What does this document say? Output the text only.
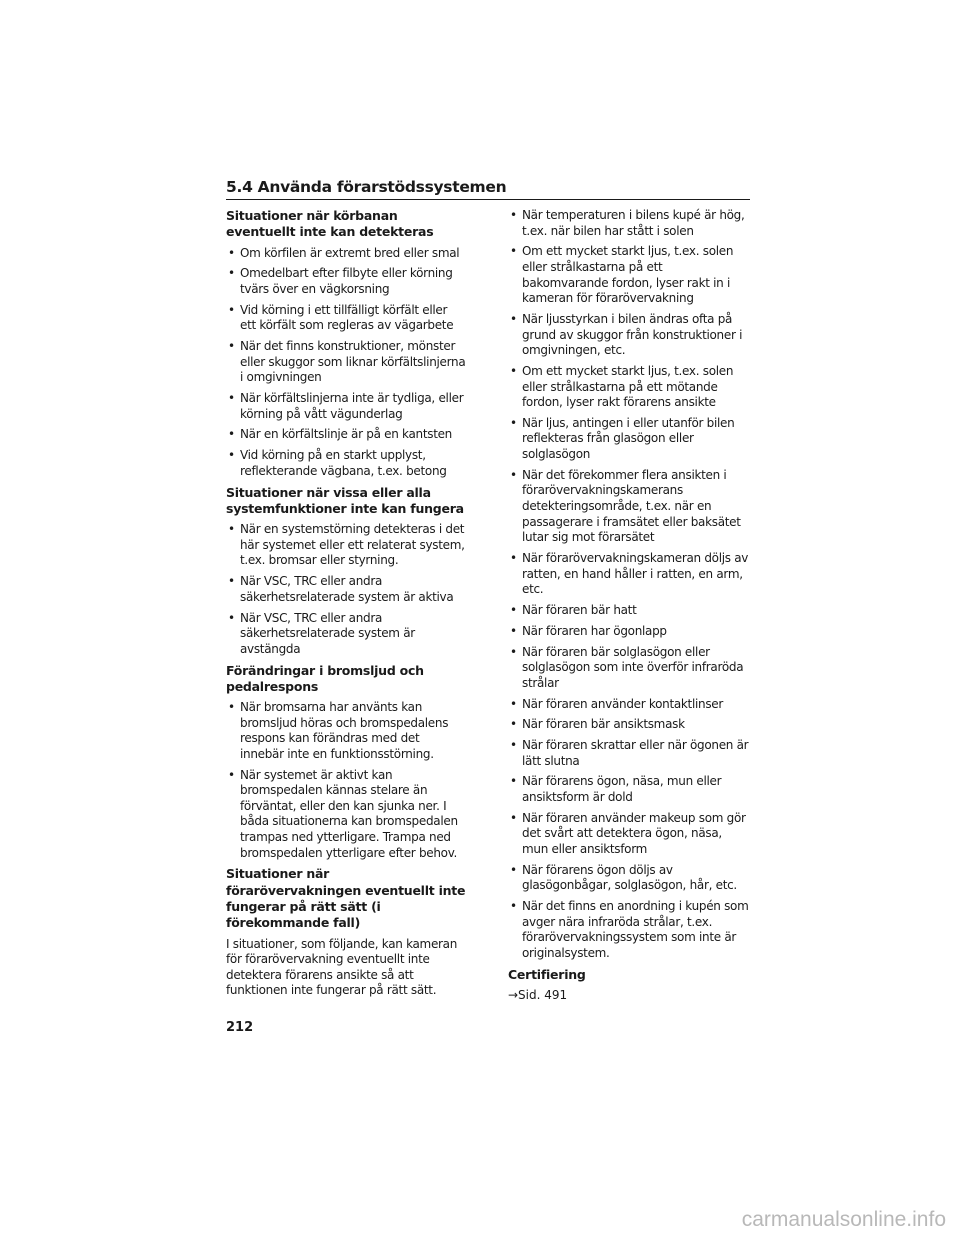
5.4 Använda förarstödssystemen
Situationer när körbanan eventuellt inte kan detekteras
• Om körfilen är extremt bred eller smal
• Omedelbart efter filbyte eller körning tvärs över en vägkorsning
• Vid körning i ett tillfälligt körfält eller ett körfält som regleras av vägarbete
• När det finns konstruktioner, mönster eller skuggor som liknar körfältslinjerna i omgivningen
• När körfältslinjerna inte är tydliga, eller körning på vått vägunderlag
• När en körfältslinje är på en kantsten
• Vid körning på en starkt upplyst, reflekterande vägbana, t.ex. betong
Situationer när vissa eller alla systemfunktioner inte kan fungera
• När en systemstörning detekteras i det här systemet eller ett relaterat system, t.ex. bromsar eller styrning.
• När VSC, TRC eller andra säkerhetsrelaterade system är aktiva
• När VSC, TRC eller andra säkerhetsrelaterade system är avstängda
Förändringar i bromsljud och pedalrespons
• När bromsarna har använts kan bromsljud höras och bromspedalens respons kan förändras med det innebär inte en funktionsstörning.
• När systemet är aktivt kan bromspedalen kännas stelare än förväntat, eller den kan sjunka ner. I båda situationerna kan bromspedalen trampas ned ytterligare. Trampa ned bromspedalen ytterligare efter behov.
Situationer när förarövervakningen eventuellt inte fungerar på rätt sätt (i förekommande fall)

I situationer, som följande, kan kameran för förarövervakning eventuellt inte detektera förarens ansikte så att funktionen inte fungerar på rätt sätt.

• När temperaturen i bilens kupé är hög, t.ex. när bilen har stått i solen
• Om ett mycket starkt ljus, t.ex. solen eller strålkastarna på ett bakomvarande fordon, lyser rakt in i kameran för förarövervakning
• När ljusstyrkan i bilen ändras ofta på grund av skuggor från konstruktioner i omgivningen, etc.
• Om ett mycket starkt ljus, t.ex. solen eller strålkastarna på ett mötande fordon, lyser rakt förarens ansikte
• När ljus, antingen i eller utanför bilen reflekteras från glasögon eller solglasögon
• När det förekommer flera ansikten i förarövervakningskamerans detekteringsområde, t.ex. när en passagerare i framsätet eller baksätet lutar sig mot förarsätet
• När förarövervakningskameran döljs av ratten, en hand håller i ratten, en arm, etc.
• När föraren bär hatt
• När föraren har ögonlapp
• När föraren bär solglasögon eller solglasögon som inte överför infraröda strålar
• När föraren använder kontaktlinser
• När föraren bär ansiktsmask
• När föraren skrattar eller när ögonen är lätt slutna
• När förarens ögon, näsa, mun eller ansiktsform är dold
• När föraren använder makeup som gör det svårt att detektera ögon, näsa, mun eller ansiktsform
• När förarens ögon döljs av glasögonbågar, solglasögon, hår, etc.
• När det finns en anordning i kupén som avger nära infraröda strålar, t.ex. förarövervakningssystem som inte är originalsystem.
Certifiering

→Sid. 491

212
carmanualsonline.info
